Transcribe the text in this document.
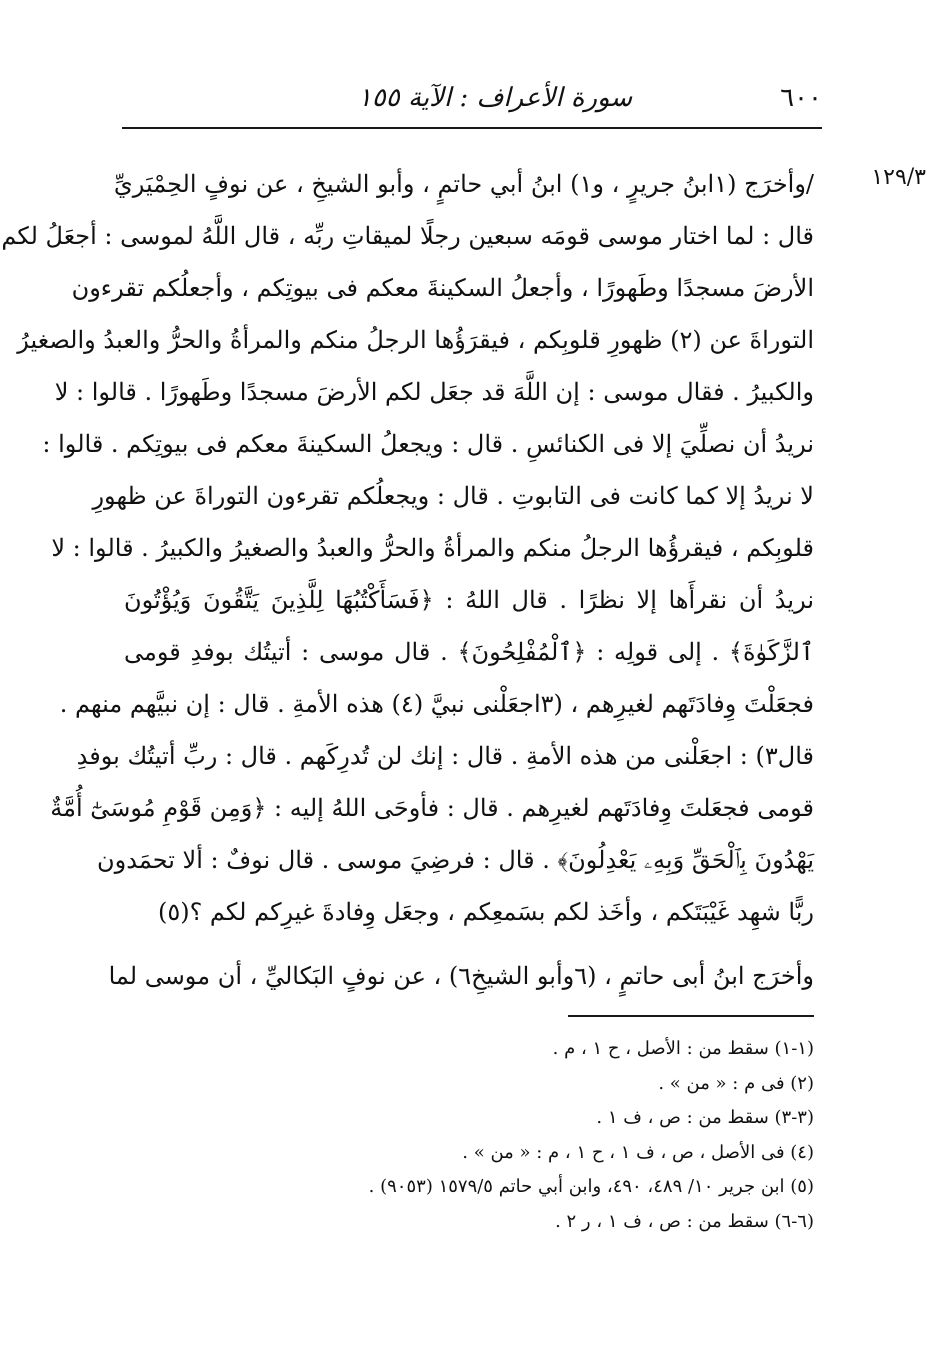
٦٠٠
سورة الأعراف : الآية ١٥٥
١٢٩/٣
/وأخرَج (١ابنُ جريرٍ ، و١) ابنُ أبي حاتمٍ ، وأبو الشيخِ ، عن نوفٍ الحِمْيَريِّ
قال : لما اختار موسى قومَه سبعين رجلًا لميقاتِ ربِّه ، قال اللَّهُ لموسى : أجعَلُ لكم
الأرضَ مسجدًا وطَهورًا ، وأجعلُ السكينةَ معكم فى بيوتِكم ، وأجعلُكم تقرءون
التوراةَ عن (٢) ظهورِ قلوبِكم ، فيقرَؤُها الرجلُ منكم والمرأةُ والحرُّ والعبدُ والصغيرُ
والكبيرُ . فقال موسى : إن اللَّهَ قد جعَل لكم الأرضَ مسجدًا وطَهورًا . قالوا : لا
نريدُ أن نصلِّيَ إلا فى الكنائسِ . قال : ويجعلُ السكينةَ معكم فى بيوتِكم . قالوا :
لا نريدُ إلا كما كانت فى التابوتِ . قال : ويجعلُكم تقرءون التوراةَ عن ظهورِ
قلوبِكم ، فيقرؤُها الرجلُ منكم والمرأةُ والحرُّ والعبدُ والصغيرُ والكبيرُ . قالوا : لا
نريدُ أن نقرأَها إلا نظرًا . قال اللهُ : ﴿فَسَأَكْتُبُهَا لِلَّذِينَ يَتَّقُونَ وَيُؤْتُونَ
ٱلزَّكَوٰةَ﴾ . إلى قولِه : ﴿ٱلْمُفْلِحُونَ﴾ . قال موسى : أتيتُك بوفدِ قومى
فجعَلْتَ وِفادَتَهم لغيرِهم ، (٣اجعَلْنى نبيَّ (٤) هذه الأمةِ . قال : إن نبيَّهم منهم .
قال٣) : اجعَلْنى من هذه الأمةِ . قال : إنك لن تُدرِكَهم . قال : ربِّ أتيتُك بوفدِ
قومى فجعَلتَ وِفادَتَهم لغيرِهم . قال : فأوحَى اللهُ إليه : ﴿وَمِن قَوْمِ مُوسَىٰٓ أُمَّةٌ
يَهْدُونَ بِٱلْحَقِّ وَبِهِۦ يَعْدِلُونَ﴾ . قال : فرضِيَ موسى . قال نوفٌ : ألا تحمَدون
ربًّا شهِد غَيْبَتَكم ، وأخَذ لكم بسَمعِكم ، وجعَل وِفادةَ غيرِكم لكم ؟(٥)
وأخرَج ابنُ أبى حاتمٍ ، (٦وأبو الشيخِ٦) ، عن نوفٍ البَكاليِّ ، أن موسى لما
(١-١) سقط من : الأصل ، ح ١ ، م .
(٢) فى م : « من » .
(٣-٣) سقط من : ص ، ف ١ .
(٤) فى الأصل ، ص ، ف ١ ، ح ١ ، م : « من » .
(٥) ابن جرير ١٠/ ٤٨٩، ٤٩٠، وابن أبي حاتم ١٥٧٩/٥ (٩٠٥٣) .
(٦-٦) سقط من : ص ، ف ١ ، ر ٢ .
